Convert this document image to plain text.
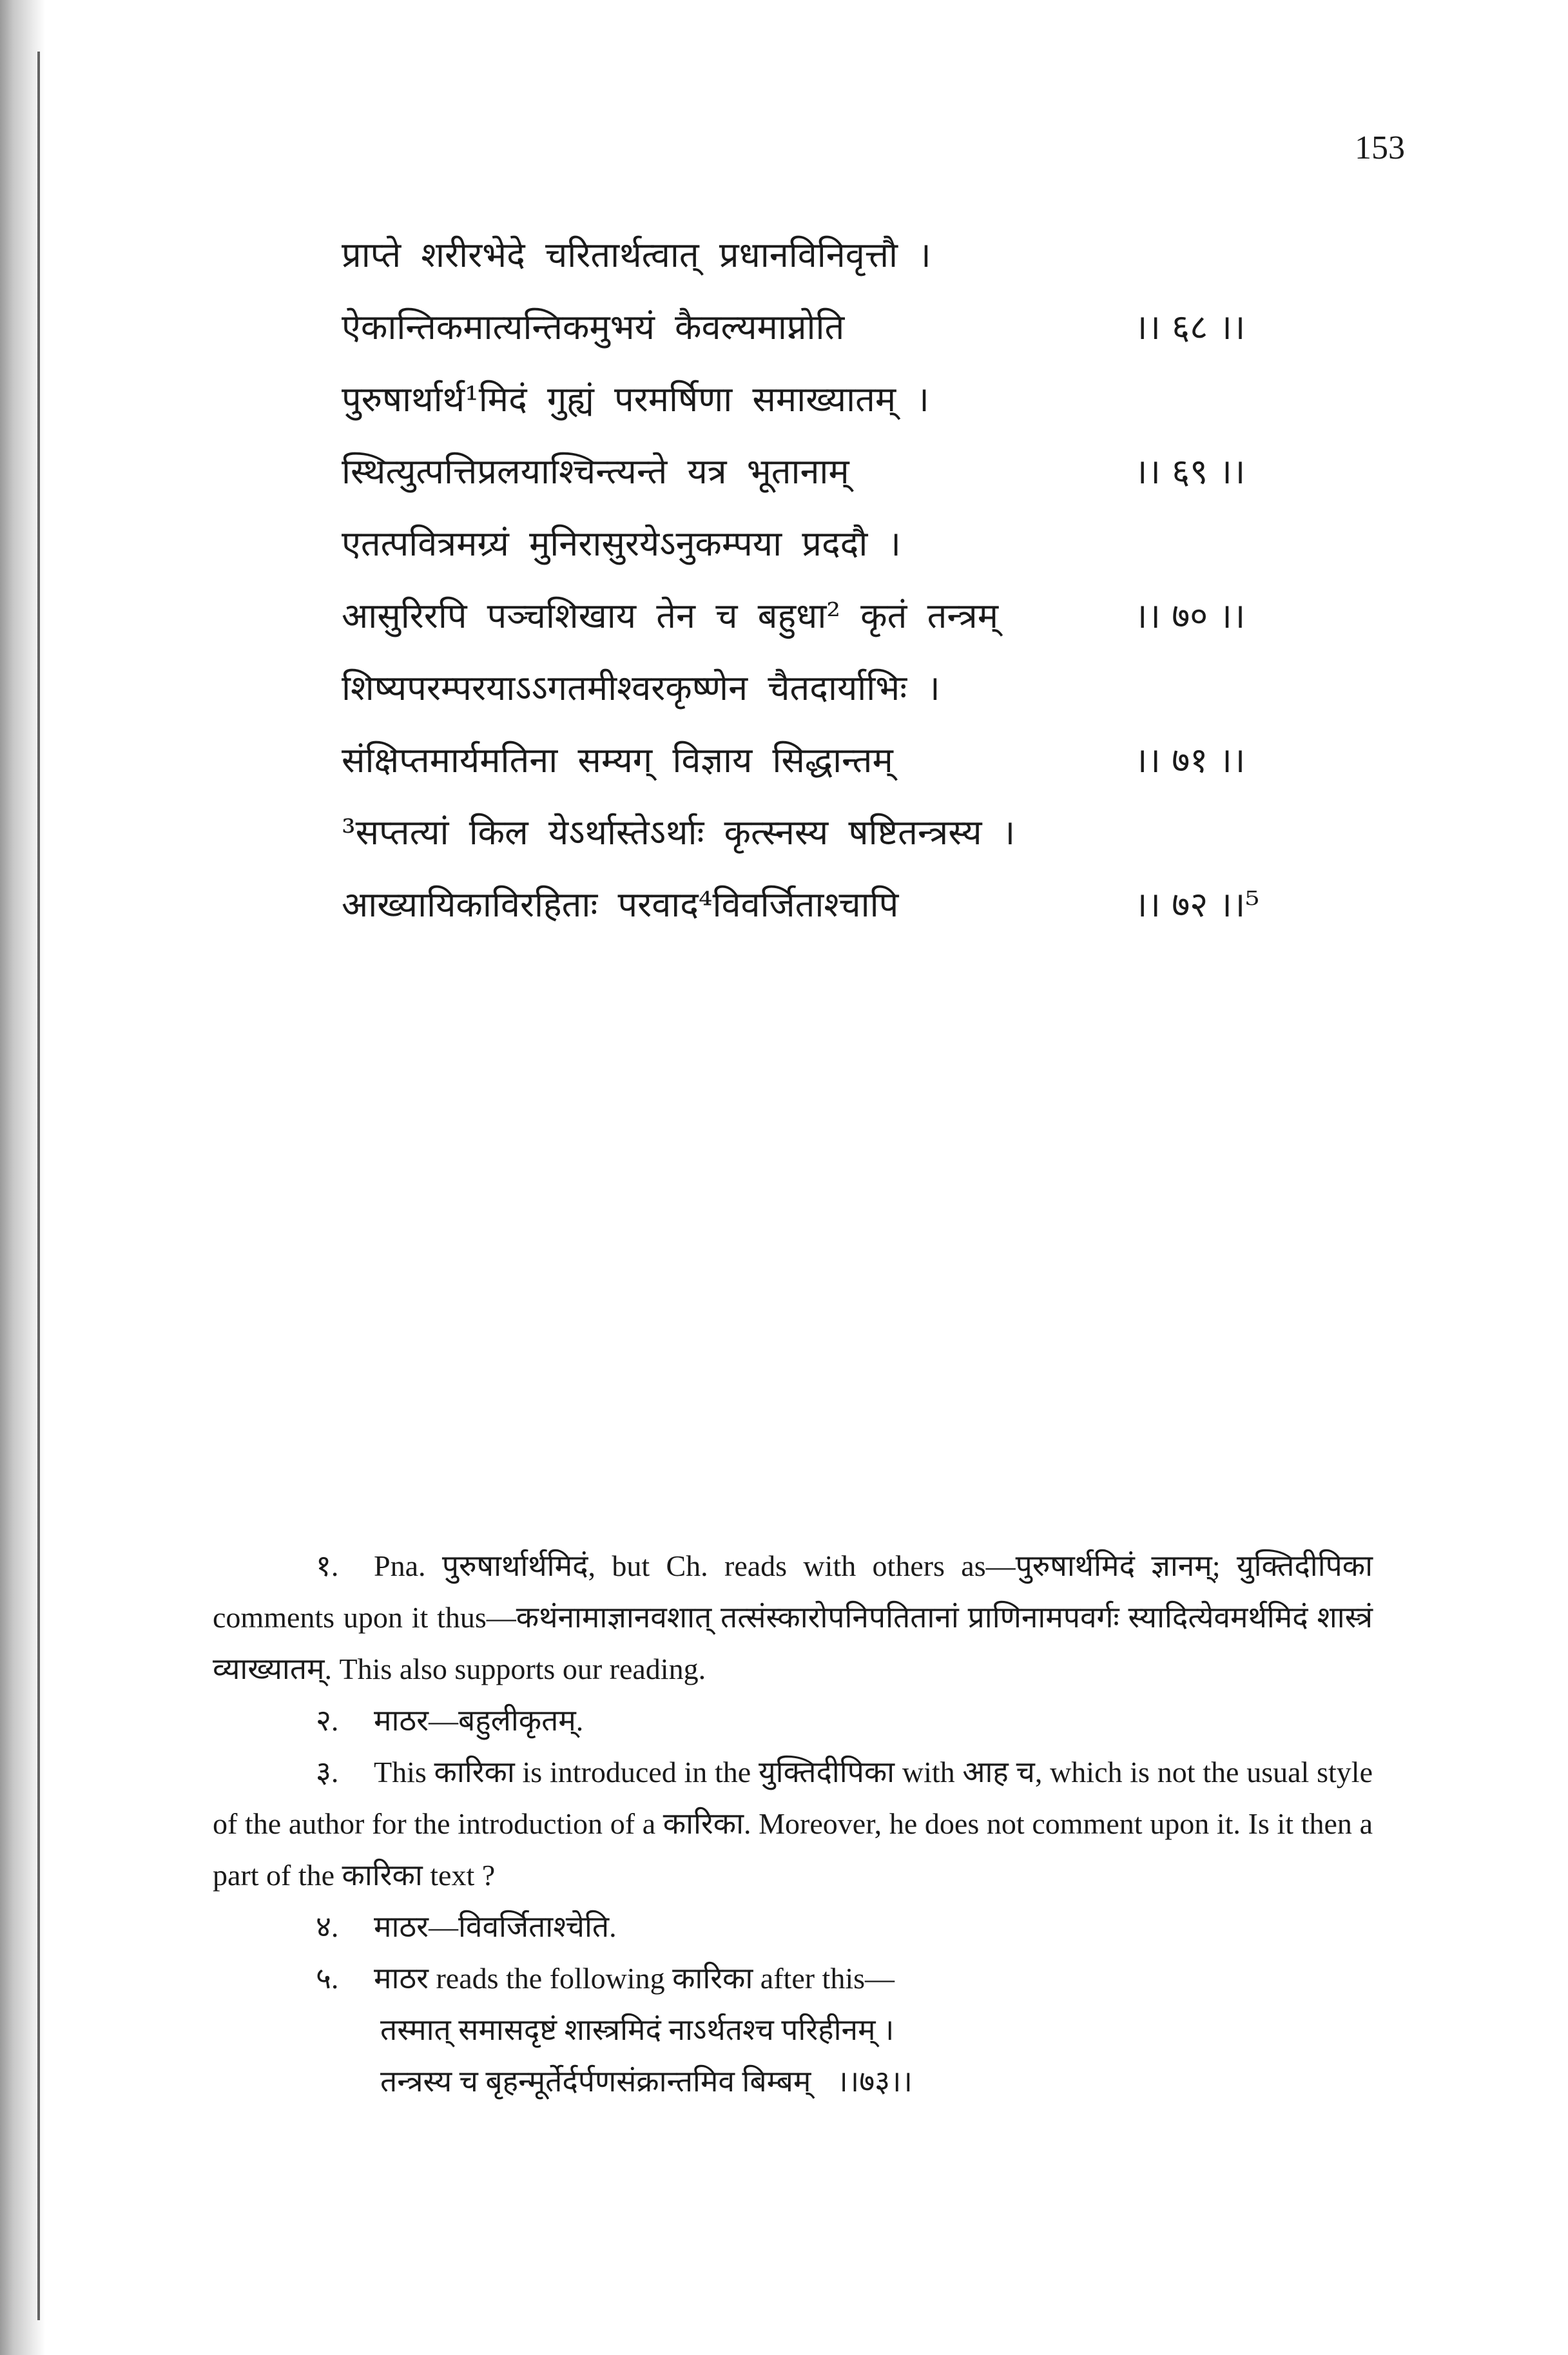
153
प्राप्ते शरीरभेदे चरितार्थत्वात् प्रधानविनिवृत्तौ ।
ऐकान्तिकमात्यन्तिकमुभयं कैवल्यमाप्नोति	।। ६८ ।।
पुरुषार्थार्थ¹मिदं गुह्यं परमर्षिणा समाख्यातम् ।
स्थित्युत्पत्तिप्रलयाश्चिन्त्यन्ते यत्र भूतानाम्	।। ६९ ।।
एतत्पवित्रमग्र्यं मुनिरासुरयेऽनुकम्पया प्रददौ ।
आसुरिरपि पञ्चशिखाय तेन च बहुधा² कृतं तन्त्रम्	।। ७० ।।
शिष्यपरम्परयाऽऽगतमीश्वरकृष्णेन चैतदार्याभिः ।
संक्षिप्तमार्यमतिना सम्यग् विज्ञाय सिद्धान्तम्	।। ७१ ।।
³सप्तत्यां किल येऽर्थास्तेऽर्थाः कृत्स्नस्य षष्टितन्त्रस्य ।
आख्यायिकाविरहिताः परवाद⁴विवर्जिताश्चापि	।। ७२ ।।⁵

१. Pna. पुरुषार्थार्थमिदं, but Ch. reads with others as—पुरुषार्थमिदं ज्ञानम्; युक्तिदीपिका comments upon it thus—कथंनामाज्ञानवशात् तत्संस्कारोपनिपतितानां प्राणिनामपवर्गः स्यादित्येवमर्थमिदं शास्त्रं व्याख्यातम्. This also supports our reading.

२. माठर—बहुलीकृतम्.

३. This कारिका is introduced in the युक्तिदीपिका with आह च, which is not the usual style of the author for the introduction of a कारिका. Moreover, he does not comment upon it. Is it then a part of the कारिका text ?

४. माठर—विवर्जिताश्चेति.

५. माठर reads the following कारिका after this—

तस्मात् समासदृष्टं शास्त्रमिदं नाऽर्थतश्च परिहीनम् ।

तन्त्रस्य च बृहन्मूर्तेर्दर्पणसंक्रान्तमिव बिम्बम् ।।७३।।
